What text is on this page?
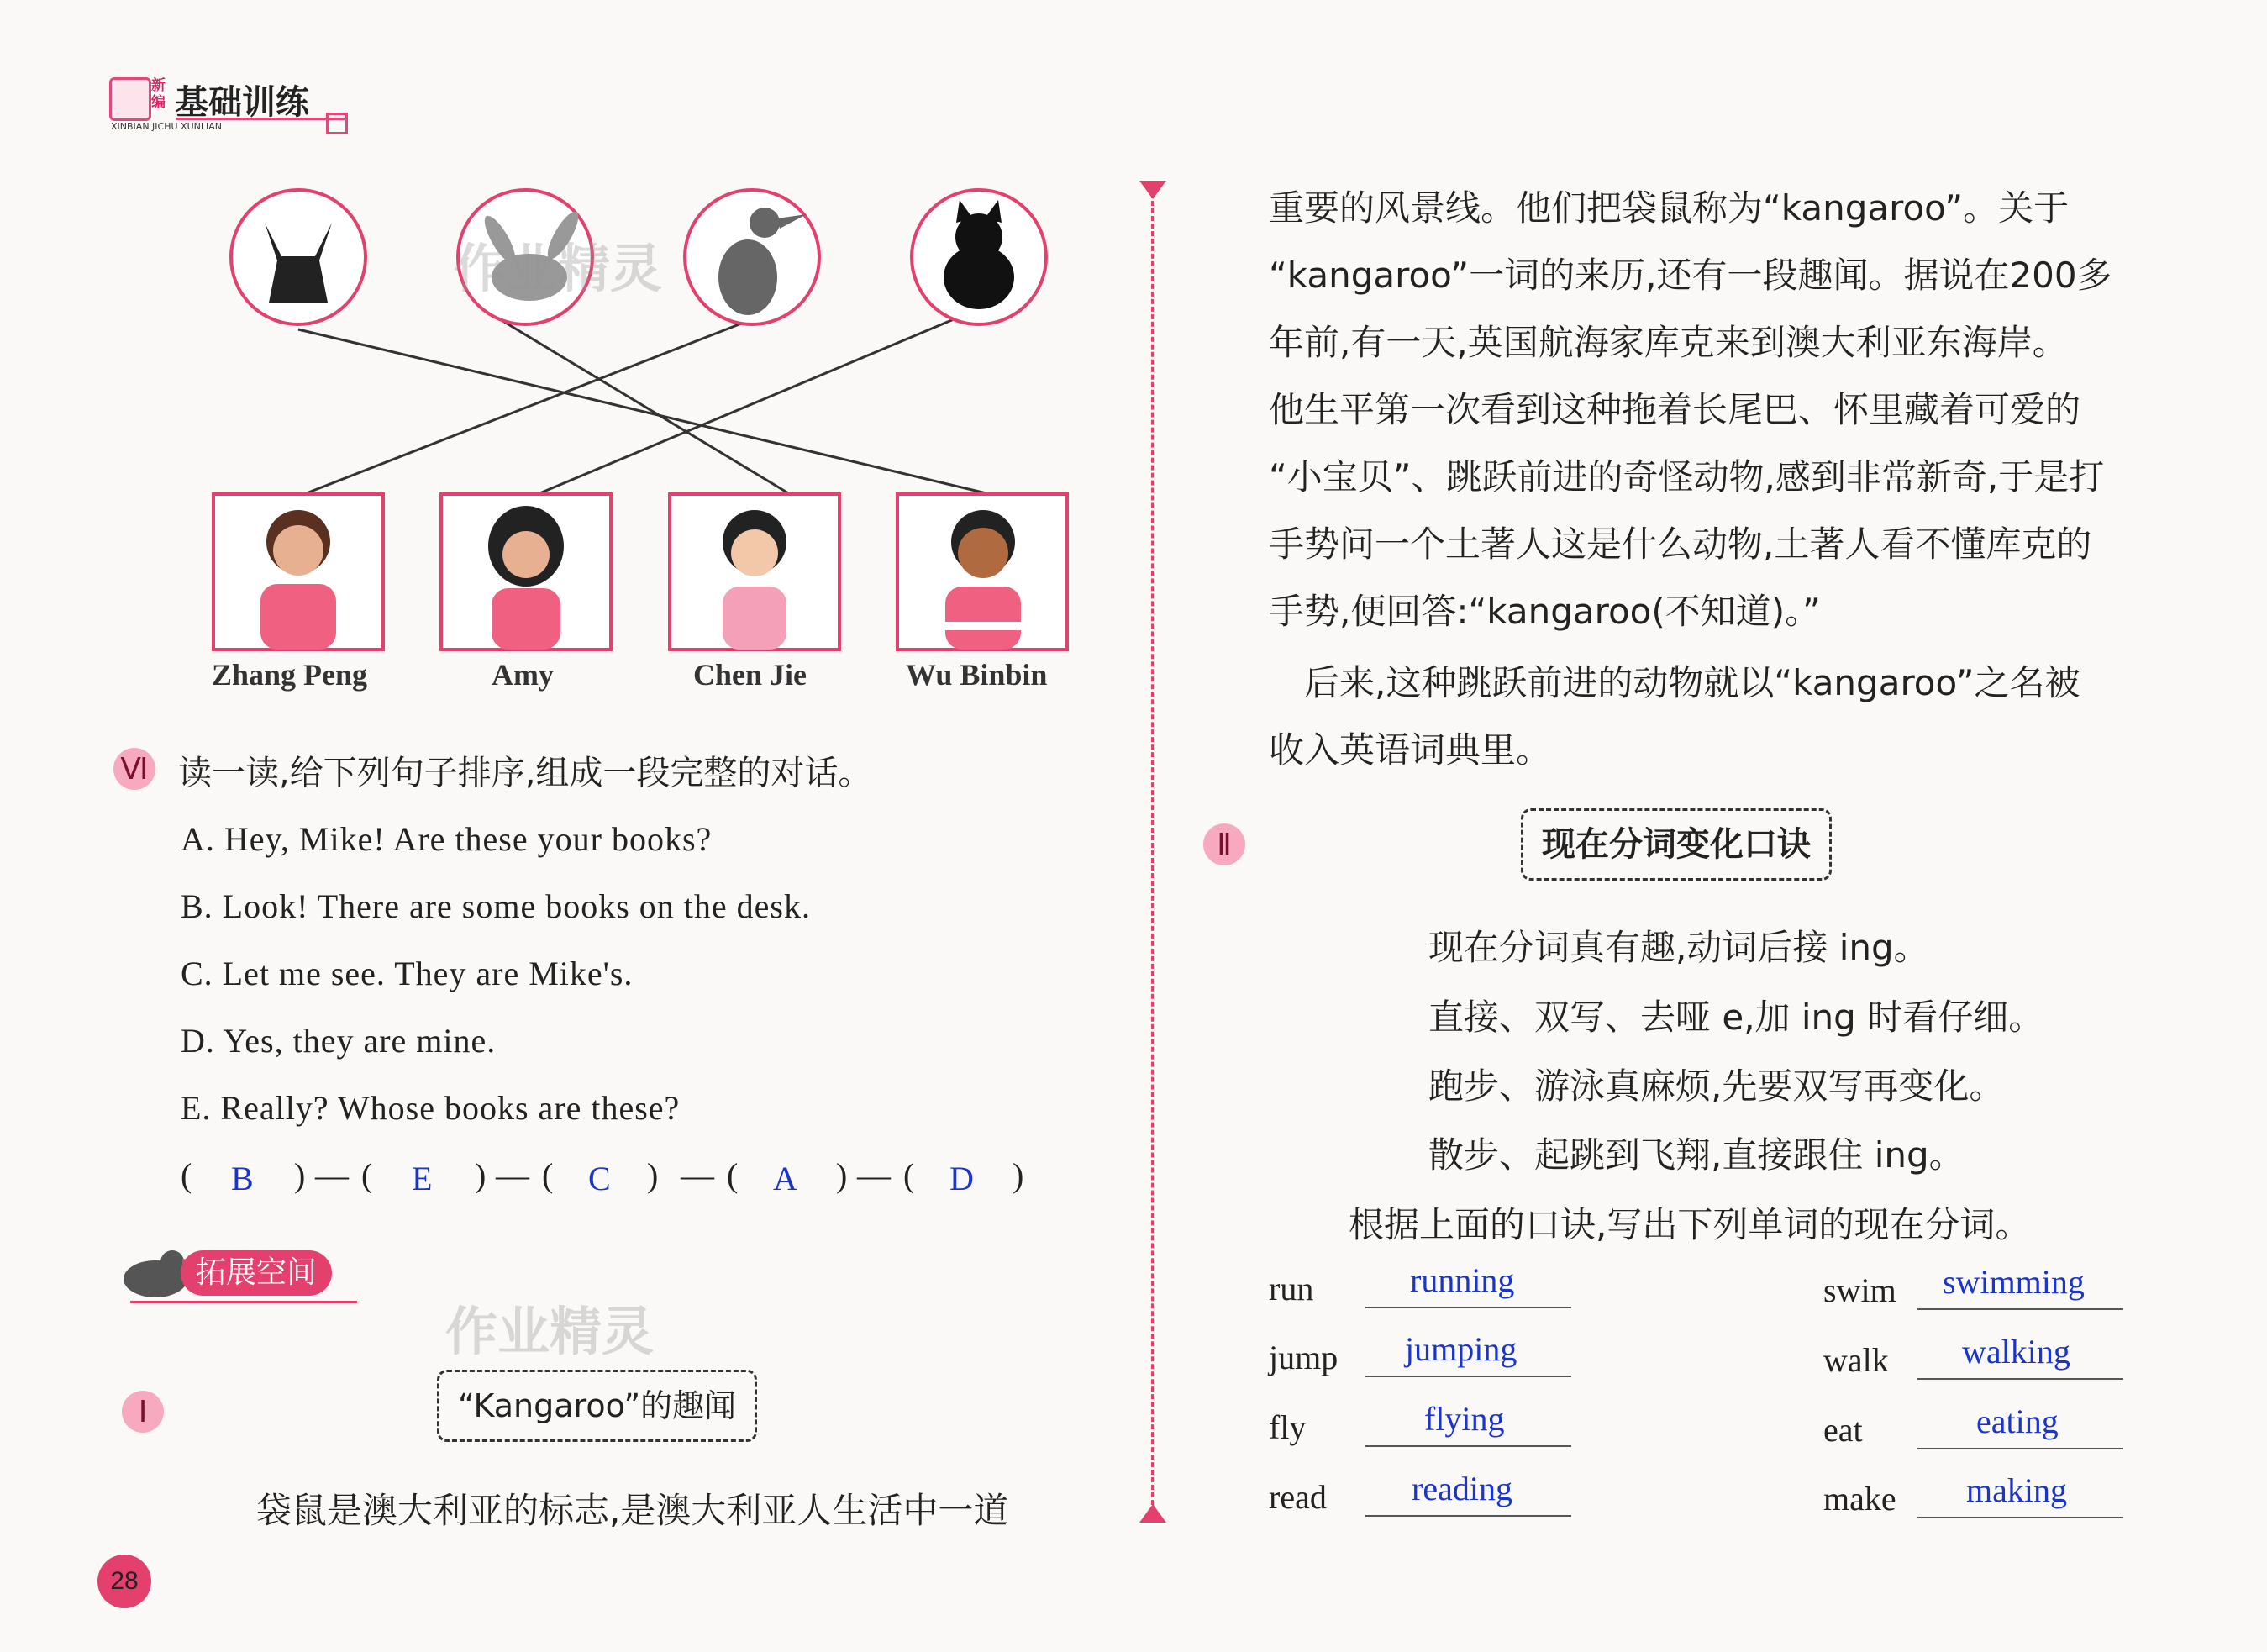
新编 基础训练
XINBIAN JICHU XUNLIAN
Zhang Peng	Amy	Chen Jie	Wu Binbin
作业精灵
作业精灵
Ⅵ 读一读,给下列句子排序,组成一段完整的对话。
A. Hey, Mike! Are these your books?
B. Look! There are some books on the desk.
C. Let me see. They are Mike's.
D. Yes, they are mine.
E. Really? Whose books are these?
( B ) — ( E ) — ( C ) — ( A ) — ( D )
拓展空间
Ⅰ	“Kangaroo”的趣闻
袋鼠是澳大利亚的标志,是澳大利亚人生活中一道
28
重要的风景线。他们把袋鼠称为“kangaroo”。关于
“kangaroo”一词的来历,还有一段趣闻。据说在200多
年前,有一天,英国航海家库克来到澳大利亚东海岸。
他生平第一次看到这种拖着长尾巴、怀里藏着可爱的
“小宝贝”、跳跃前进的奇怪动物,感到非常新奇,于是打
手势问一个土著人这是什么动物,土著人看不懂库克的
手势,便回答:“kangaroo(不知道)。”
　后来,这种跳跃前进的动物就以“kangaroo”之名被
收入英语词典里。
Ⅱ	现在分词变化口诀
现在分词真有趣,动词后接 ing。
直接、双写、去哑 e,加 ing 时看仔细。
跑步、游泳真麻烦,先要双写再变化。
散步、起跳到飞翔,直接跟住 ing。
根据上面的口诀,写出下列单词的现在分词。
run	running
jump jumping
fly	flying
read	reading
swim swimming
walk walking
eat	eating
make making
